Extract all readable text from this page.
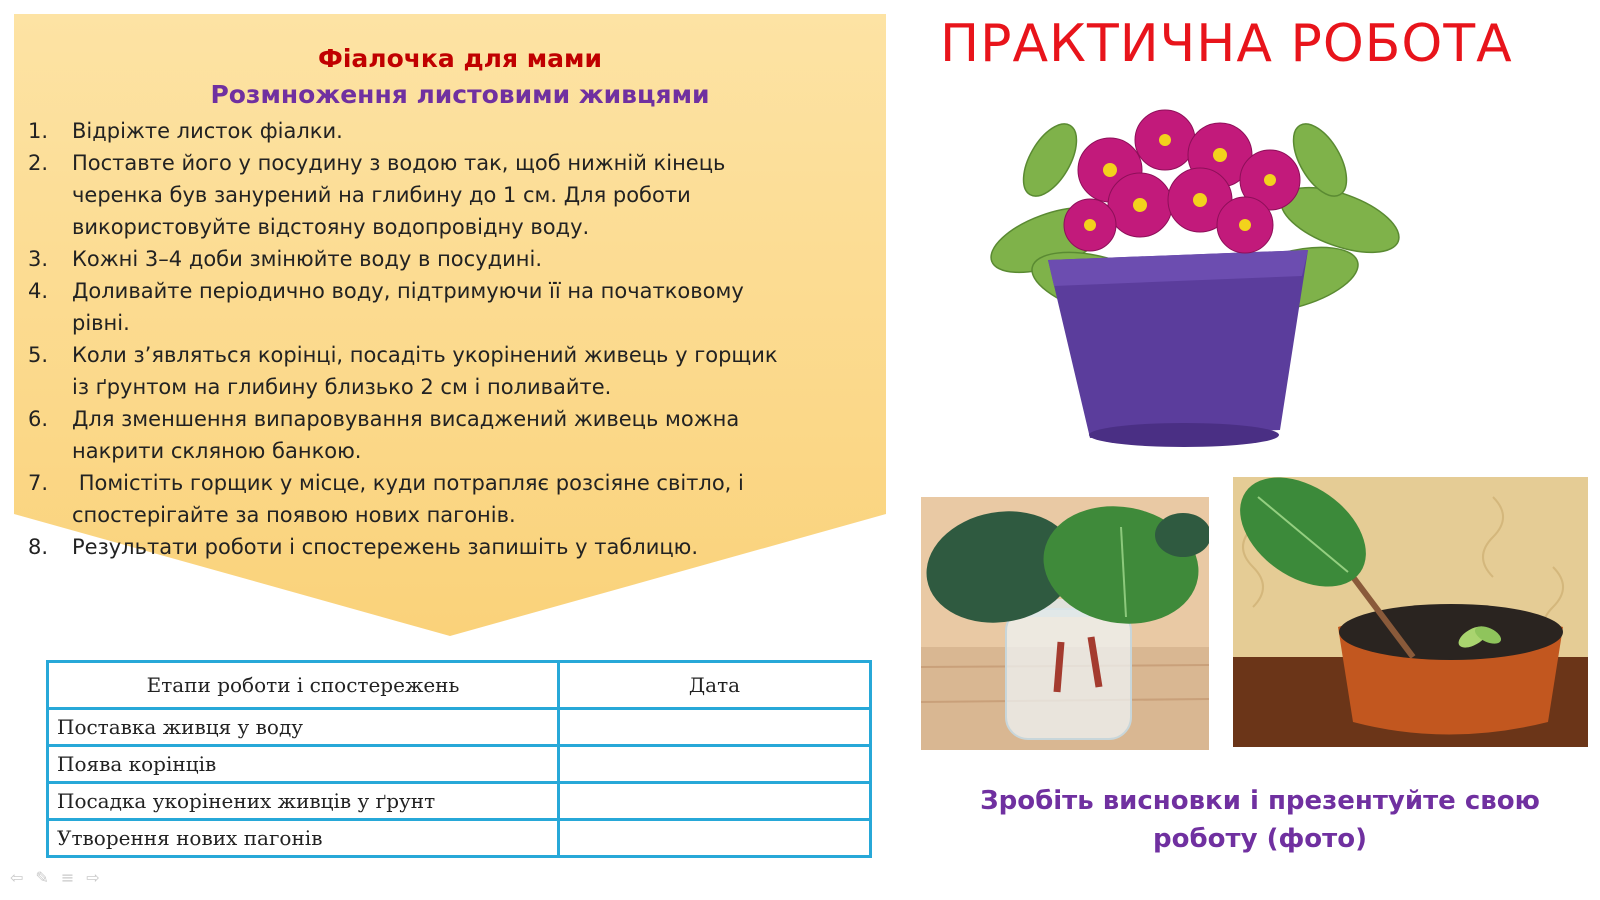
Фіалочка для мами
Розмноження листовими живцями
1.	Відріжте листок фіалки.
2.	Поставте його у посудину з водою так, щоб нижній кінець
черенка був занурений на глибину до 1 см. Для роботи
використовуйте відстояну водопровідну воду.
3.	Кожні 3–4 доби змінюйте воду в посудині.
4.	Доливайте періодично воду, підтримуючи її на початковому
рівні.
5.	Коли з’являться корінці, посадіть укорінений живець у горщик
із ґрунтом на глибину близько 2 см і поливайте.
6.	Для зменшення випаровування висаджений живець можна
накрити скляною банкою.
7.	Помістіть горщик у місце, куди потрапляє розсіяне світло, і
спостерігайте за появою нових пагонів.
8.	Результати роботи і спостережень запишіть у таблицю.
Етапи роботи і спостережень	Дата
Поставка живця у воду	
Поява корінців	
Посадка укорінених живців у ґрунт	
Утворення нових пагонів	
ПРАКТИЧНА РОБОТА
Зробіть висновки і презентуйте свою
роботу (фото)
⇦ ✎ ≡ ⇨
